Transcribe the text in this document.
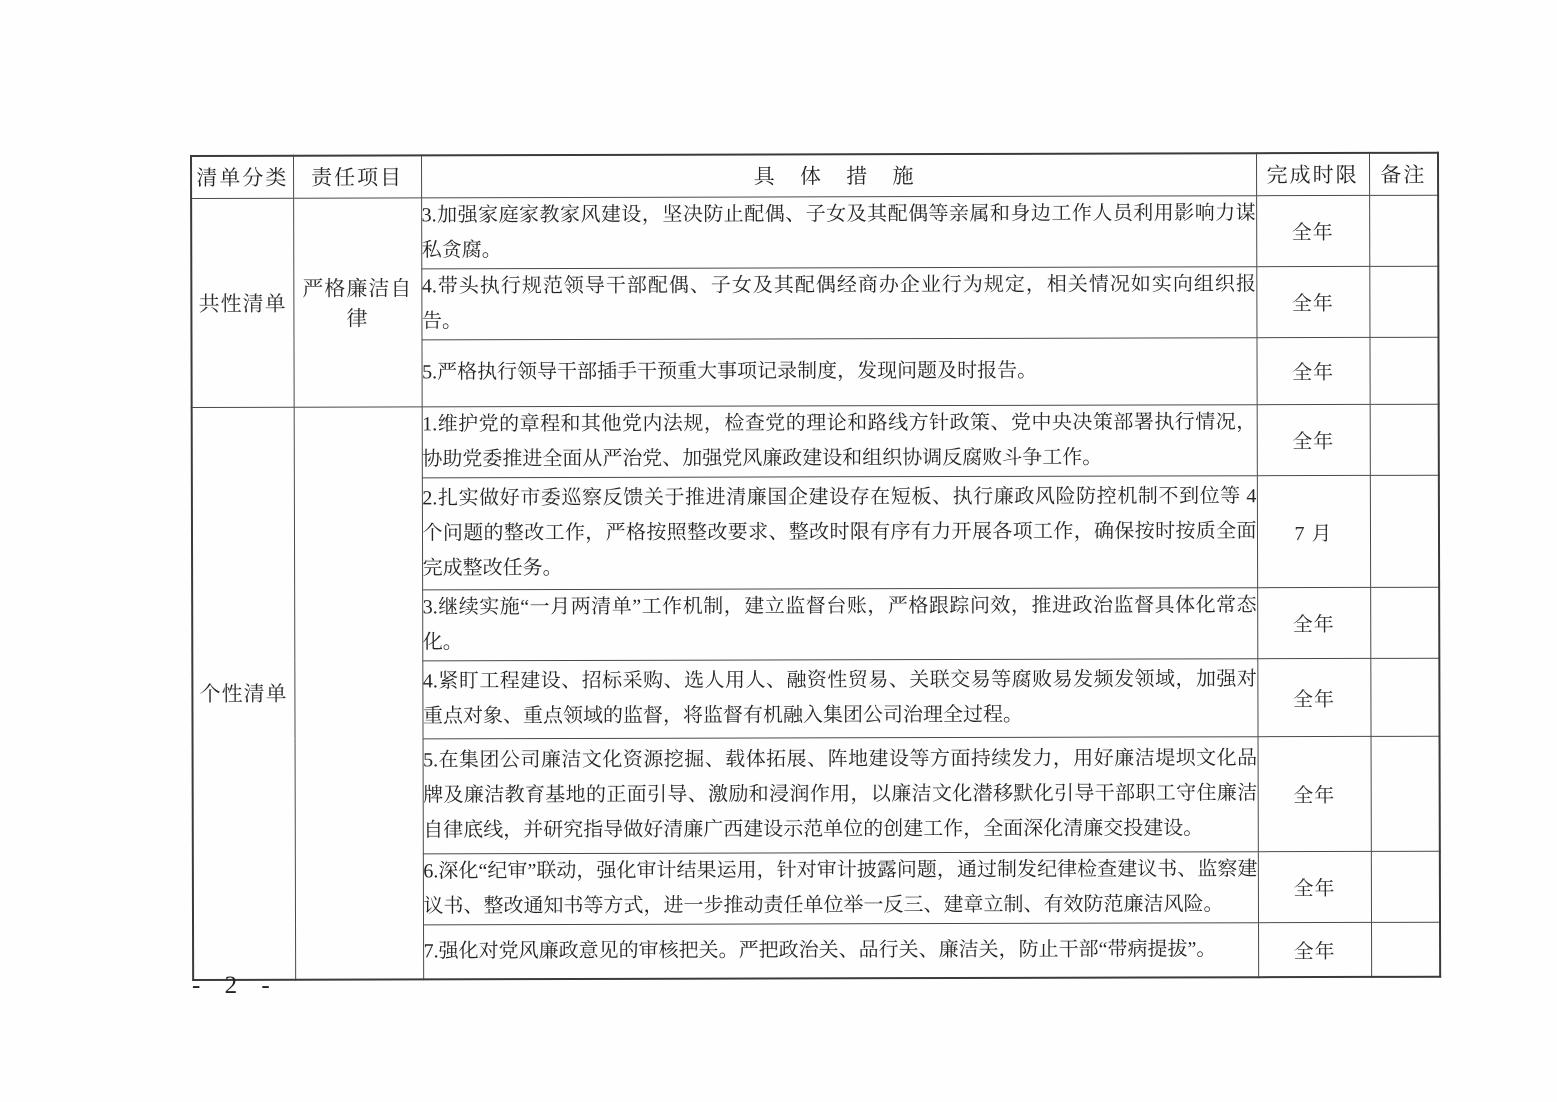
清单分类	责任项目	具 体 措 施	完成时限	备注
共性清单	严格廉洁自律	3.加强家庭家教家风建设，坚决防止配偶、子女及其配偶等亲属和身边工作人员利用影响力谋私贪腐。	全年	
		4.带头执行规范领导干部配偶、子女及其配偶经商办企业行为规定，相关情况如实向组织报告。	全年	
		5.严格执行领导干部插手干预重大事项记录制度，发现问题及时报告。	全年	
个性清单		1.维护党的章程和其他党内法规，检查党的理论和路线方针政策、党中央决策部署执行情况，协助党委推进全面从严治党、加强党风廉政建设和组织协调反腐败斗争工作。	全年	
		2.扎实做好市委巡察反馈关于推进清廉国企建设存在短板、执行廉政风险防控机制不到位等 4 个问题的整改工作，严格按照整改要求、整改时限有序有力开展各项工作，确保按时按质全面完成整改任务。	7 月	
		3.继续实施“一月两清单”工作机制，建立监督台账，严格跟踪问效，推进政治监督具体化常态化。	全年	
		4.紧盯工程建设、招标采购、选人用人、融资性贸易、关联交易等腐败易发频发领域，加强对重点对象、重点领域的监督，将监督有机融入集团公司治理全过程。	全年	
		5.在集团公司廉洁文化资源挖掘、载体拓展、阵地建设等方面持续发力，用好廉洁堤坝文化品牌及廉洁教育基地的正面引导、激励和浸润作用，以廉洁文化潜移默化引导干部职工守住廉洁自律底线，并研究指导做好清廉广西建设示范单位的创建工作，全面深化清廉交投建设。	全年	
		6.深化“纪审”联动，强化审计结果运用，针对审计披露问题，通过制发纪律检查建议书、监察建议书、整改通知书等方式，进一步推动责任单位举一反三、建章立制、有效防范廉洁风险。	全年	
		7.强化对党风廉政意见的审核把关。严把政治关、品行关、廉洁关，防止干部“带病提拔”。	全年	
- 2 -
